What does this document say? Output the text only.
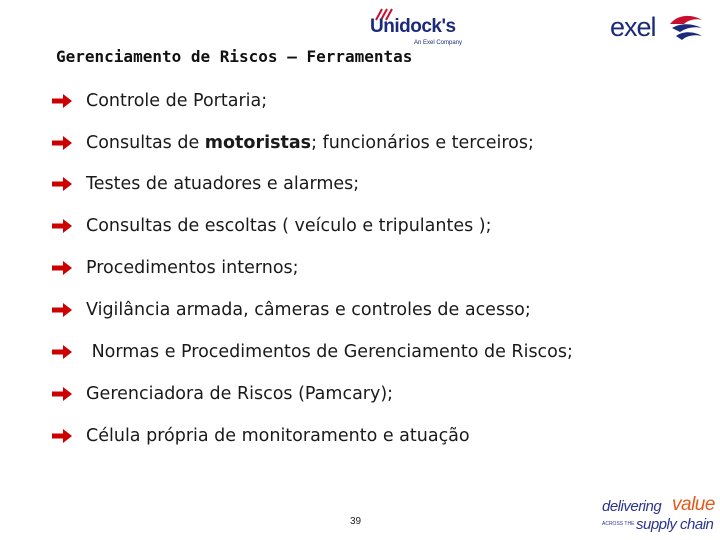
Unidock's
An Exel Company
exel
Gerenciamento de Riscos – Ferramentas
Controle de Portaria;
Consultas de motoristas; funcionários e terceiros;
Testes de atuadores e alarmes;
Consultas de escoltas ( veículo e tripulantes );
Procedimentos internos;
Vigilância armada, câmeras e controles de acesso;
Normas e Procedimentos de Gerenciamento de Riscos;
Gerenciadora de Riscos (Pamcary);
Célula própria de monitoramento e atuação
39
delivering value
ACROSS THE supply chain
